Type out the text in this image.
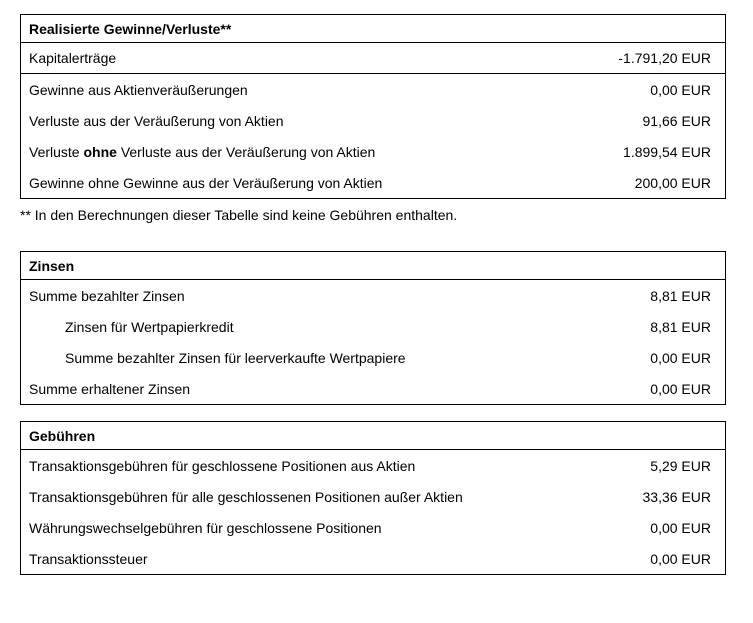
Realisierte Gewinne/Verluste**
Kapitalerträge	-1.791,20 EUR
Gewinne aus Aktienveräußerungen	0,00 EUR
Verluste aus der Veräußerung von Aktien	91,66 EUR
Verluste ohne Verluste aus der Veräußerung von Aktien	1.899,54 EUR
Gewinne ohne Gewinne aus der Veräußerung von Aktien	200,00 EUR

** In den Berechnungen dieser Tabelle sind keine Gebühren enthalten.

Zinsen
Summe bezahlter Zinsen	8,81 EUR
Zinsen für Wertpapierkredit	8,81 EUR
Summe bezahlter Zinsen für leerverkaufte Wertpapiere	0,00 EUR
Summe erhaltener Zinsen	0,00 EUR
Gebühren
Transaktionsgebühren für geschlossene Positionen aus Aktien	5,29 EUR
Transaktionsgebühren für alle geschlossenen Positionen außer Aktien	33,36 EUR
Währungswechselgebühren für geschlossene Positionen	0,00 EUR
Transaktionssteuer	0,00 EUR
